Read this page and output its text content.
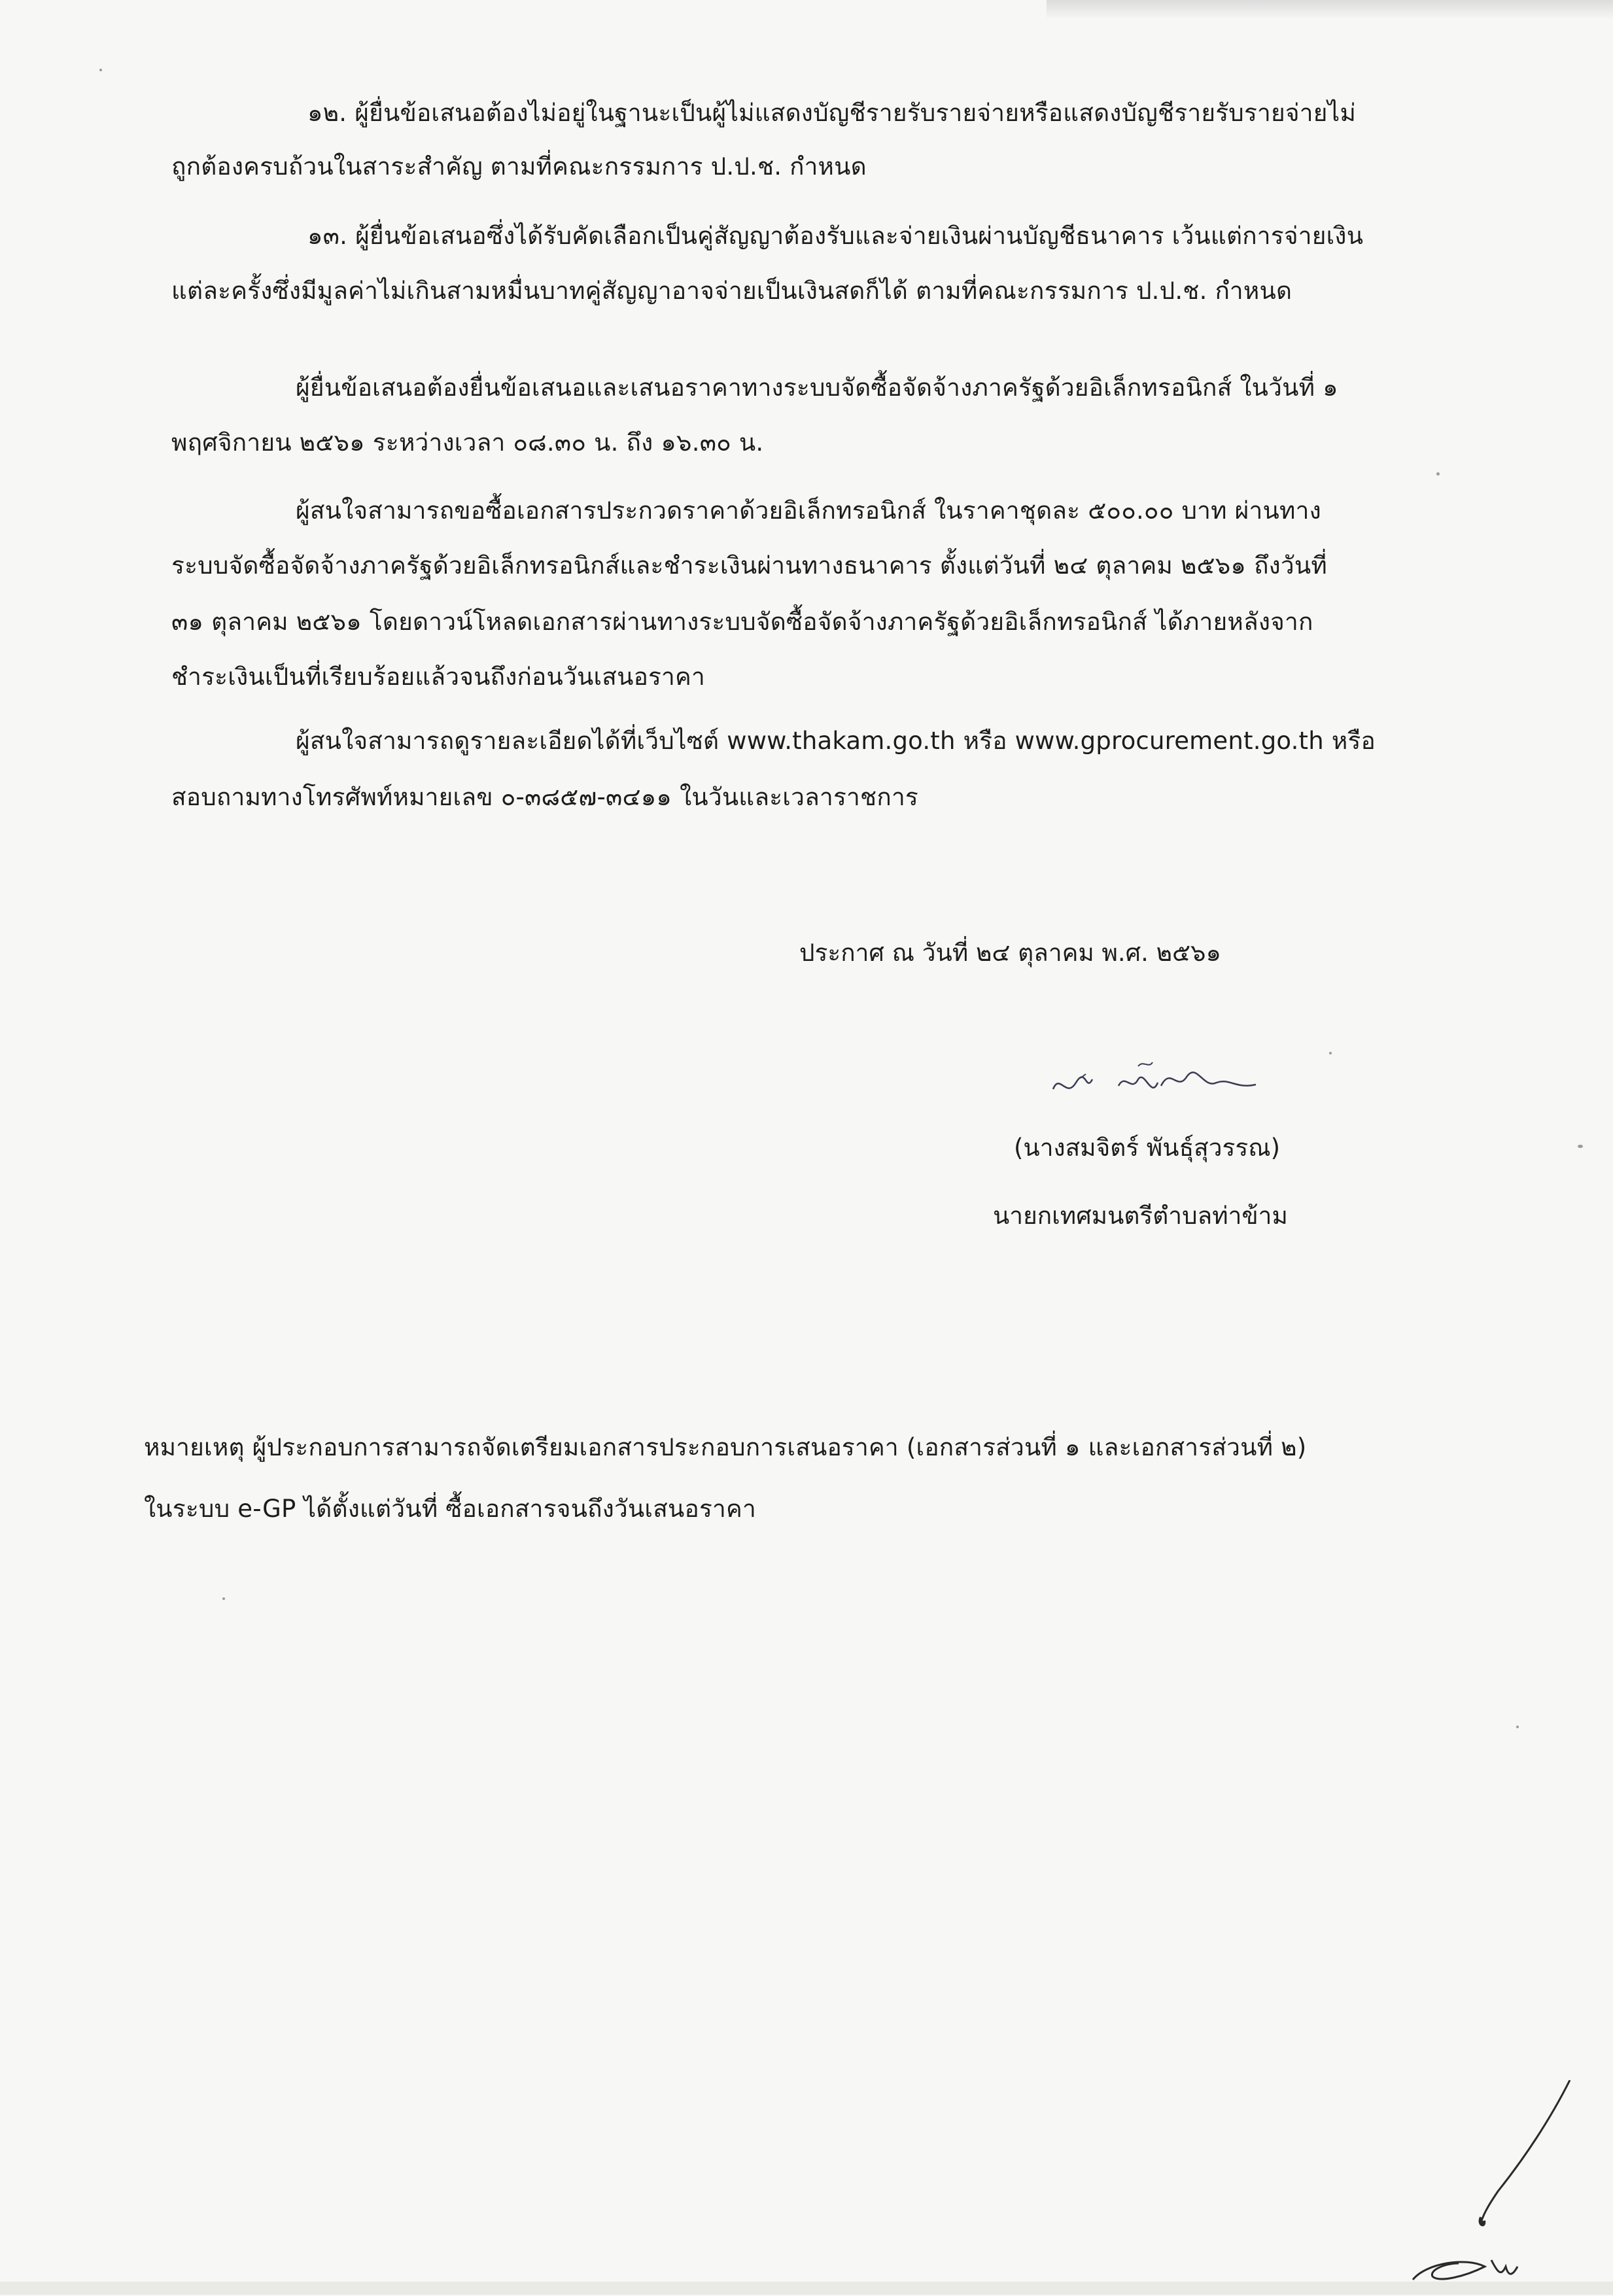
๑๒. ผู้ยื่นข้อเสนอต้องไม่อยู่ในฐานะเป็นผู้ไม่แสดงบัญชีรายรับรายจ่ายหรือแสดงบัญชีรายรับรายจ่ายไม่
ถูกต้องครบถ้วนในสาระสำคัญ ตามที่คณะกรรมการ ป.ป.ช. กำหนด
๑๓. ผู้ยื่นข้อเสนอซึ่งได้รับคัดเลือกเป็นคู่สัญญาต้องรับและจ่ายเงินผ่านบัญชีธนาคาร เว้นแต่การจ่ายเงิน
แต่ละครั้งซึ่งมีมูลค่าไม่เกินสามหมื่นบาทคู่สัญญาอาจจ่ายเป็นเงินสดก็ได้ ตามที่คณะกรรมการ ป.ป.ช. กำหนด
ผู้ยื่นข้อเสนอต้องยื่นข้อเสนอและเสนอราคาทางระบบจัดซื้อจัดจ้างภาครัฐด้วยอิเล็กทรอนิกส์ ในวันที่ ๑
พฤศจิกายน ๒๕๖๑ ระหว่างเวลา ๐๘.๓๐ น. ถึง ๑๖.๓๐ น.
ผู้สนใจสามารถขอซื้อเอกสารประกวดราคาด้วยอิเล็กทรอนิกส์ ในราคาชุดละ ๕๐๐.๐๐ บาท ผ่านทาง
ระบบจัดซื้อจัดจ้างภาครัฐด้วยอิเล็กทรอนิกส์และชำระเงินผ่านทางธนาคาร ตั้งแต่วันที่ ๒๔ ตุลาคม ๒๕๖๑ ถึงวันที่
๓๑ ตุลาคม ๒๕๖๑ โดยดาวน์โหลดเอกสารผ่านทางระบบจัดซื้อจัดจ้างภาครัฐด้วยอิเล็กทรอนิกส์ ได้ภายหลังจาก
ชำระเงินเป็นที่เรียบร้อยแล้วจนถึงก่อนวันเสนอราคา
ผู้สนใจสามารถดูรายละเอียดได้ที่เว็บไซต์ www.thakam.go.th หรือ www.gprocurement.go.th หรือ
สอบถามทางโทรศัพท์หมายเลข ๐-๓๘๕๗-๓๔๑๑ ในวันและเวลาราชการ
ประกาศ ณ วันที่ ๒๔ ตุลาคม พ.ศ. ๒๕๖๑
(นางสมจิตร์ พันธุ์สุวรรณ)
นายกเทศมนตรีตำบลท่าข้าม
หมายเหตุ ผู้ประกอบการสามารถจัดเตรียมเอกสารประกอบการเสนอราคา (เอกสารส่วนที่ ๑ และเอกสารส่วนที่ ๒)
ในระบบ e-GP ได้ตั้งแต่วันที่ ซื้อเอกสารจนถึงวันเสนอราคา
